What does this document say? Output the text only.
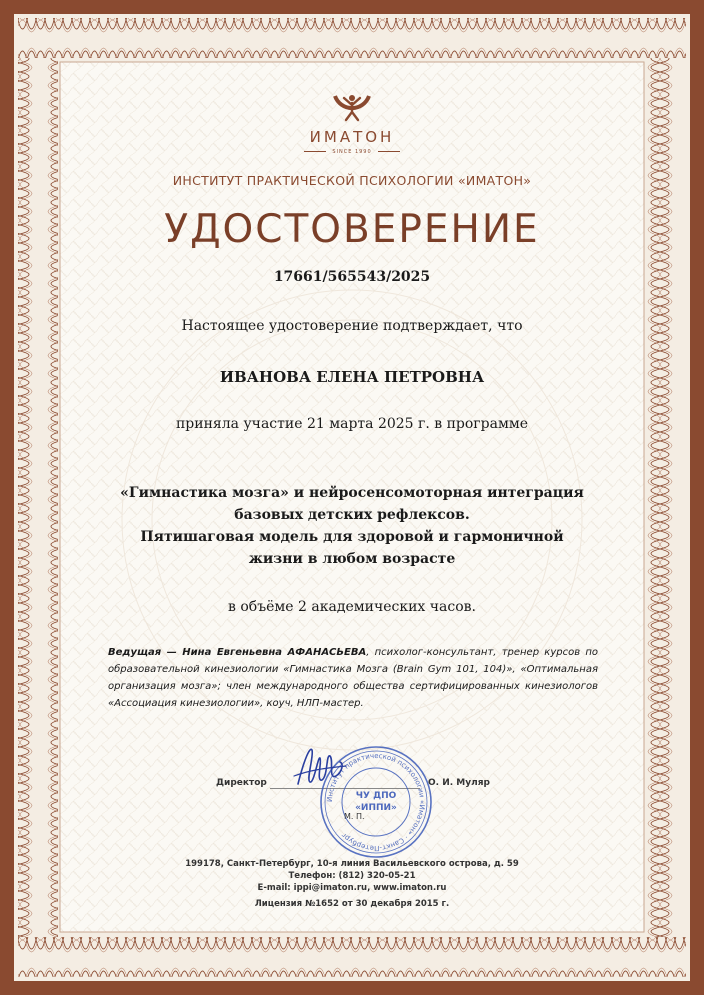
ИМАТОН
SINCE 1990
ИНСТИТУТ ПРАКТИЧЕСКОЙ ПСИХОЛОГИИ «ИМАТОН»
УДОСТОВЕРЕНИЕ
17661/565543/2025
Настоящее удостоверение подтверждает, что
ИВАНОВА ЕЛЕНА ПЕТРОВНА
приняла участие 21 марта 2025 г. в программе
«Гимнастика мозга» и нейросенсомоторная интеграция
базовых детских рефлексов.
Пятишаговая модель для здоровой и гармоничной
жизни в любом возрасте
в объёме 2 академических часов.
Ведущая — Нина Евгеньевна АФАНАСЬЕВА, психолог-консультант, тренер курсов по образовательной кинезиологии «Гимнастика Мозга (Brain Gym 101, 104)», «Оптимальная организация мозга»; член международного общества сертифицированных кинезиологов «Ассоциация кинезиологии», коуч, НЛП-мастер.
Директор	О. И. Муляр
Институт практической психологии «Иматон» · Санкт-Петербург
ЧУ ДПО
«ИППИ»
М. П.
199178, Санкт-Петербург, 10-я линия Васильевского острова, д. 59
Телефон: (812) 320-05-21
E-mail: ippi@imaton.ru, www.imaton.ru
Лицензия №1652 от 30 декабря 2015 г.
